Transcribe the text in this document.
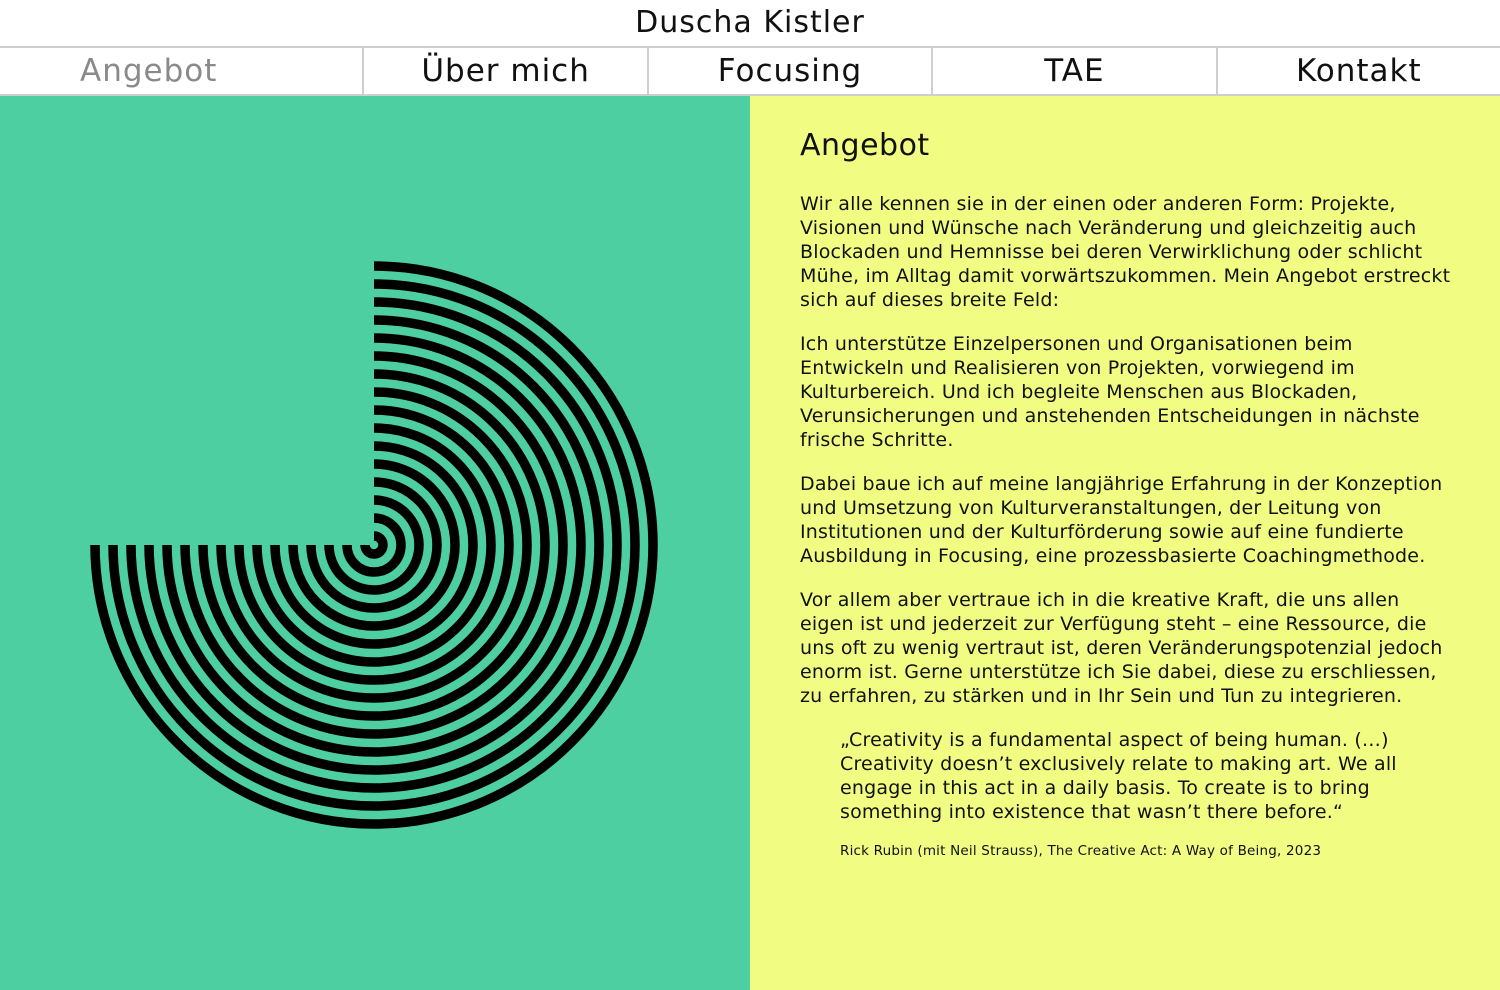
Duscha Kistler
Angebot	Über mich	Focusing	TAE	Kontakt
Angebot

Wir alle kennen sie in der einen oder anderen Form: Projekte, Visionen und Wünsche nach Veränderung und gleichzeitig auch Blockaden und Hemnisse bei deren Verwirklichung oder schlicht Mühe, im Alltag damit vorwärtszukommen. Mein Angebot erstreckt sich auf dieses breite Feld:

Ich unterstütze Einzelpersonen und Organisationen beim Entwickeln und Realisieren von Projekten, vorwiegend im Kulturbereich. Und ich begleite Menschen aus Blockaden, Verunsicherungen und anstehenden Entscheidungen in nächste frische Schritte.

Dabei baue ich auf meine langjährige Erfahrung in der Konzeption und Umsetzung von Kulturveranstaltungen, der Leitung von Institutionen und der Kulturförderung sowie auf eine fundierte Ausbildung in Focusing, eine prozessbasierte Coachingmethode.

Vor allem aber vertraue ich in die kreative Kraft, die uns allen eigen ist und jederzeit zur Verfügung steht – eine Ressource, die uns oft zu wenig vertraut ist, deren Veränderungspotenzial jedoch enorm ist. Gerne unterstütze ich Sie dabei, diese zu erschliessen, zu erfahren, zu stärken und in Ihr Sein und Tun zu integrieren.

„Creativity is a fundamental aspect of being human. (…) Creativity doesn’t exclusively relate to making art. We all engage in this act in a daily basis. To create is to bring something into existence that wasn’t there before.“
Rick Rubin (mit Neil Strauss), The Creative Act: A Way of Being, 2023
